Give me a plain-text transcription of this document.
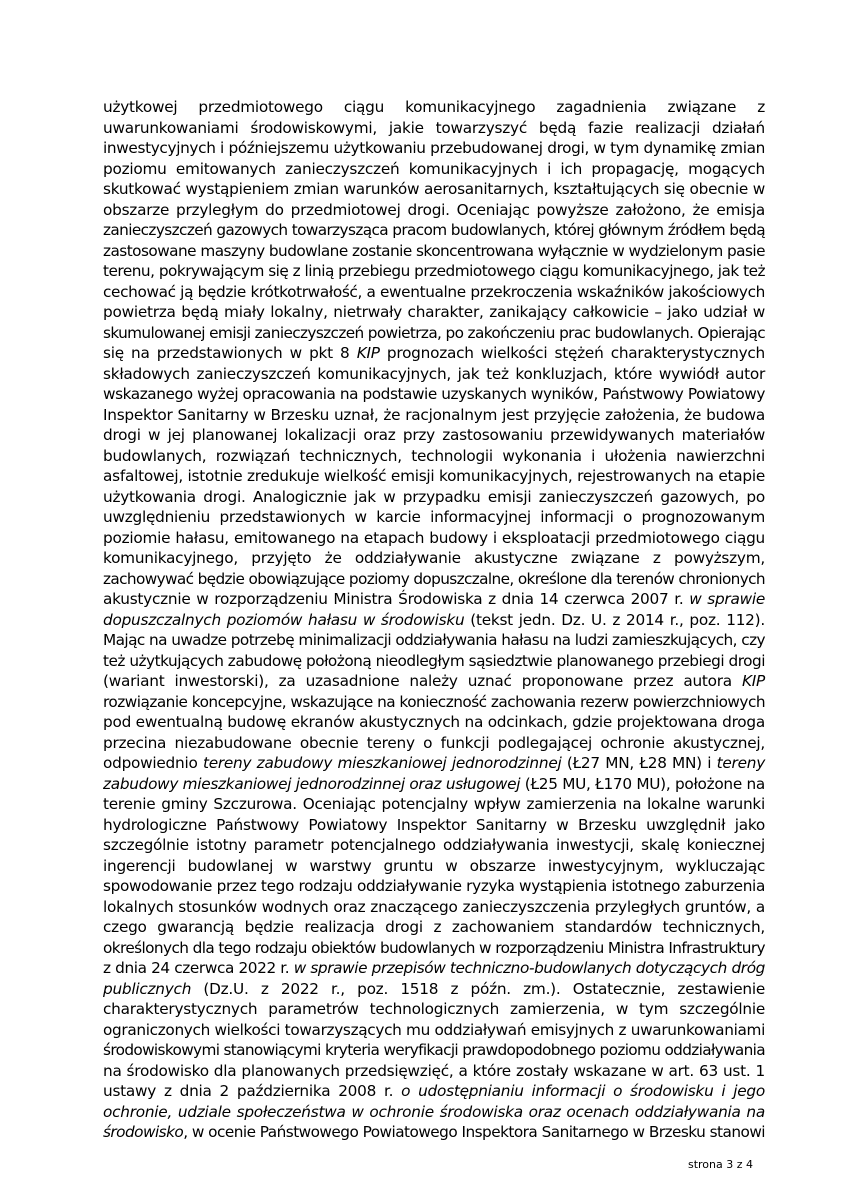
użytkowej przedmiotowego ciągu komunikacyjnego zagadnienia związane z
uwarunkowaniami środowiskowymi, jakie towarzyszyć będą fazie realizacji działań
inwestycyjnych i późniejszemu użytkowaniu przebudowanej drogi, w tym dynamikę zmian
poziomu emitowanych zanieczyszczeń komunikacyjnych i ich propagację, mogących
skutkować wystąpieniem zmian warunków aerosanitarnych, kształtujących się obecnie w
obszarze przyległym do przedmiotowej drogi. Oceniając powyższe założono, że emisja
zanieczyszczeń gazowych towarzysząca pracom budowlanych, której głównym źródłem będą
zastosowane maszyny budowlane zostanie skoncentrowana wyłącznie w wydzielonym pasie
terenu, pokrywającym się z linią przebiegu przedmiotowego ciągu komunikacyjnego, jak też
cechować ją będzie krótkotrwałość, a ewentualne przekroczenia wskaźników jakościowych
powietrza będą miały lokalny, nietrwały charakter, zanikający całkowicie – jako udział w
skumulowanej emisji zanieczyszczeń powietrza, po zakończeniu prac budowlanych. Opierając
się na przedstawionych w pkt 8 KIP prognozach wielkości stężeń charakterystycznych
składowych zanieczyszczeń komunikacyjnych, jak też konkluzjach, które wywiódł autor
wskazanego wyżej opracowania na podstawie uzyskanych wyników, Państwowy Powiatowy
Inspektor Sanitarny w Brzesku uznał, że racjonalnym jest przyjęcie założenia, że budowa
drogi w jej planowanej lokalizacji oraz przy zastosowaniu przewidywanych materiałów
budowlanych, rozwiązań technicznych, technologii wykonania i ułożenia nawierzchni
asfaltowej, istotnie zredukuje wielkość emisji komunikacyjnych, rejestrowanych na etapie
użytkowania drogi. Analogicznie jak w przypadku emisji zanieczyszczeń gazowych, po
uwzględnieniu przedstawionych w karcie informacyjnej informacji o prognozowanym
poziomie hałasu, emitowanego na etapach budowy i eksploatacji przedmiotowego ciągu
komunikacyjnego, przyjęto że oddziaływanie akustyczne związane z powyższym,
zachowywać będzie obowiązujące poziomy dopuszczalne, określone dla terenów chronionych
akustycznie w rozporządzeniu Ministra Środowiska z dnia 14 czerwca 2007 r. w sprawie
dopuszczalnych poziomów hałasu w środowisku (tekst jedn. Dz. U. z 2014 r., poz. 112).
Mając na uwadze potrzebę minimalizacji oddziaływania hałasu na ludzi zamieszkujących, czy
też użytkujących zabudowę położoną nieodległym sąsiedztwie planowanego przebiegi drogi
(wariant inwestorski), za uzasadnione należy uznać proponowane przez autora KIP
rozwiązanie koncepcyjne, wskazujące na konieczność zachowania rezerw powierzchniowych
pod ewentualną budowę ekranów akustycznych na odcinkach, gdzie projektowana droga
przecina niezabudowane obecnie tereny o funkcji podlegającej ochronie akustycznej,
odpowiednio tereny zabudowy mieszkaniowej jednorodzinnej (Ł27 MN, Ł28 MN) i tereny
zabudowy mieszkaniowej jednorodzinnej oraz usługowej (Ł25 MU, Ł170 MU), położone na
terenie gminy Szczurowa. Oceniając potencjalny wpływ zamierzenia na lokalne warunki
hydrologiczne Państwowy Powiatowy Inspektor Sanitarny w Brzesku uwzględnił jako
szczególnie istotny parametr potencjalnego oddziaływania inwestycji, skalę koniecznej
ingerencji budowlanej w warstwy gruntu w obszarze inwestycyjnym, wykluczając
spowodowanie przez tego rodzaju oddziaływanie ryzyka wystąpienia istotnego zaburzenia
lokalnych stosunków wodnych oraz znaczącego zanieczyszczenia przyległych gruntów, a
czego gwarancją będzie realizacja drogi z zachowaniem standardów technicznych,
określonych dla tego rodzaju obiektów budowlanych w rozporządzeniu Ministra Infrastruktury
z dnia 24 czerwca 2022 r. w sprawie przepisów techniczno-budowlanych dotyczących dróg
publicznych (Dz.U. z 2022 r., poz. 1518 z późn. zm.). Ostatecznie, zestawienie
charakterystycznych parametrów technologicznych zamierzenia, w tym szczególnie
ograniczonych wielkości towarzyszących mu oddziaływań emisyjnych z uwarunkowaniami
środowiskowymi stanowiącymi kryteria weryfikacji prawdopodobnego poziomu oddziaływania
na środowisko dla planowanych przedsięwzięć, a które zostały wskazane w art. 63 ust. 1
ustawy z dnia 2 października 2008 r. o udostępnianiu informacji o środowisku i jego
ochronie, udziale społeczeństwa w ochronie środowiska oraz ocenach oddziaływania na
środowisko, w ocenie Państwowego Powiatowego Inspektora Sanitarnego w Brzesku stanowi
strona 3 z 4
